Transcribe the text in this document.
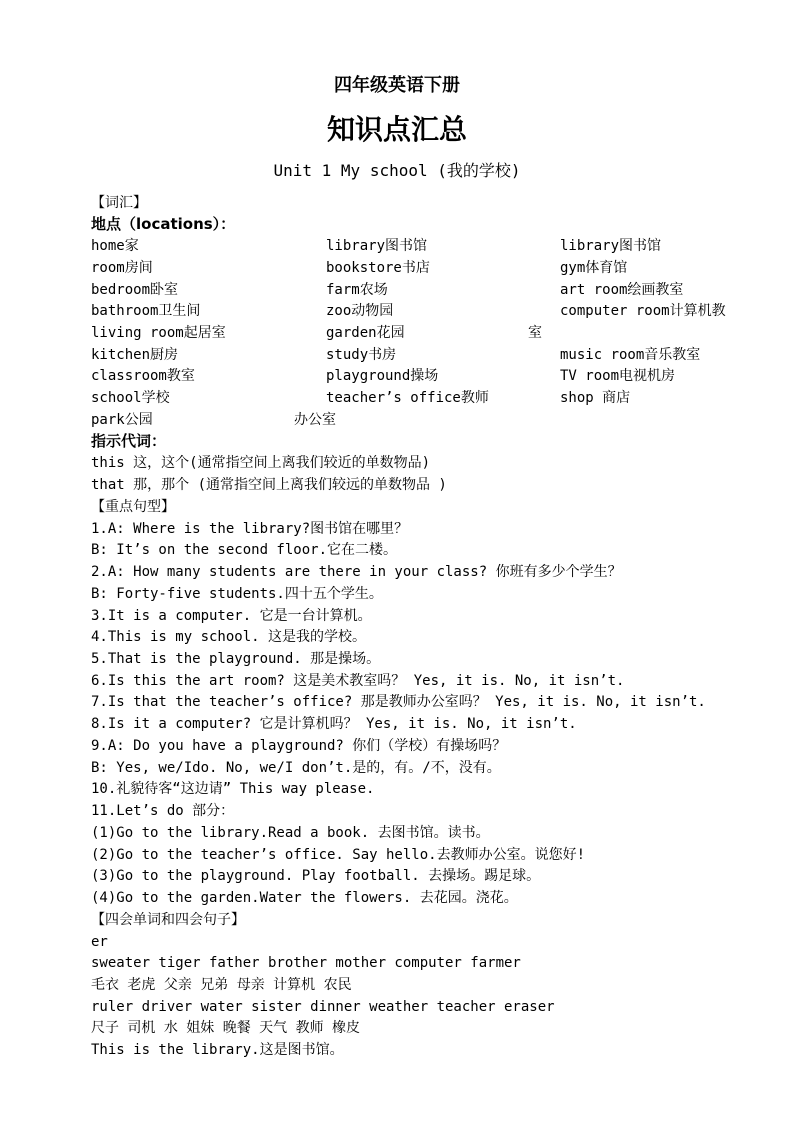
四年级英语下册
知识点汇总
Unit 1 My school (我的学校)
【词汇】
地点（locations）：
home家
room房间
bedroom卧室
bathroom卫生间
living room起居室
kitchen厨房
classroom教室
school学校
park公园
library图书馆
bookstore书店
farm农场
zoo动物园
garden花园
study书房
playground操场
teacher’s office教师
办公室
library图书馆
gym体育馆
art room绘画教室
computer room计算机教
室
music room音乐教室
TV room电视机房
shop 商店
指示代词：
this 这，这个(通常指空间上离我们较近的单数物品)
that 那，那个 (通常指空间上离我们较远的单数物品 )
【重点句型】
1.A: Where is the library?图书馆在哪里？
B: It’s on the second floor.它在二楼。
2.A: How many students are there in your class? 你班有多少个学生？
B: Forty-five students.四十五个学生。
3.It is a computer. 它是一台计算机。
4.This is my school. 这是我的学校。
5.That is the playground. 那是操场。
6.Is this the art room? 这是美术教室吗？ Yes, it is. No, it isn’t.
7.Is that the teacher’s office? 那是教师办公室吗？ Yes, it is. No, it isn’t.
8.Is it a computer? 它是计算机吗？ Yes, it is. No, it isn’t.
9.A: Do you have a playground? 你们（学校）有操场吗？
B: Yes, we/Ido. No, we/I don’t.是的，有。/不，没有。
10.礼貌待客“这边请” This way please.
11.Let’s do 部分：
(1)Go to the library.Read a book. 去图书馆。读书。
(2)Go to the teacher’s office. Say hello.去教师办公室。说您好!
(3)Go to the playground. Play football. 去操场。踢足球。
(4)Go to the garden.Water the flowers. 去花园。浇花。
【四会单词和四会句子】
er
sweater tiger father brother mother computer farmer
毛衣 老虎 父亲 兄弟 母亲 计算机 农民
ruler driver water sister dinner weather teacher eraser
尺子 司机 水 姐妹 晚餐 天气 教师 橡皮
This is the library.这是图书馆。
